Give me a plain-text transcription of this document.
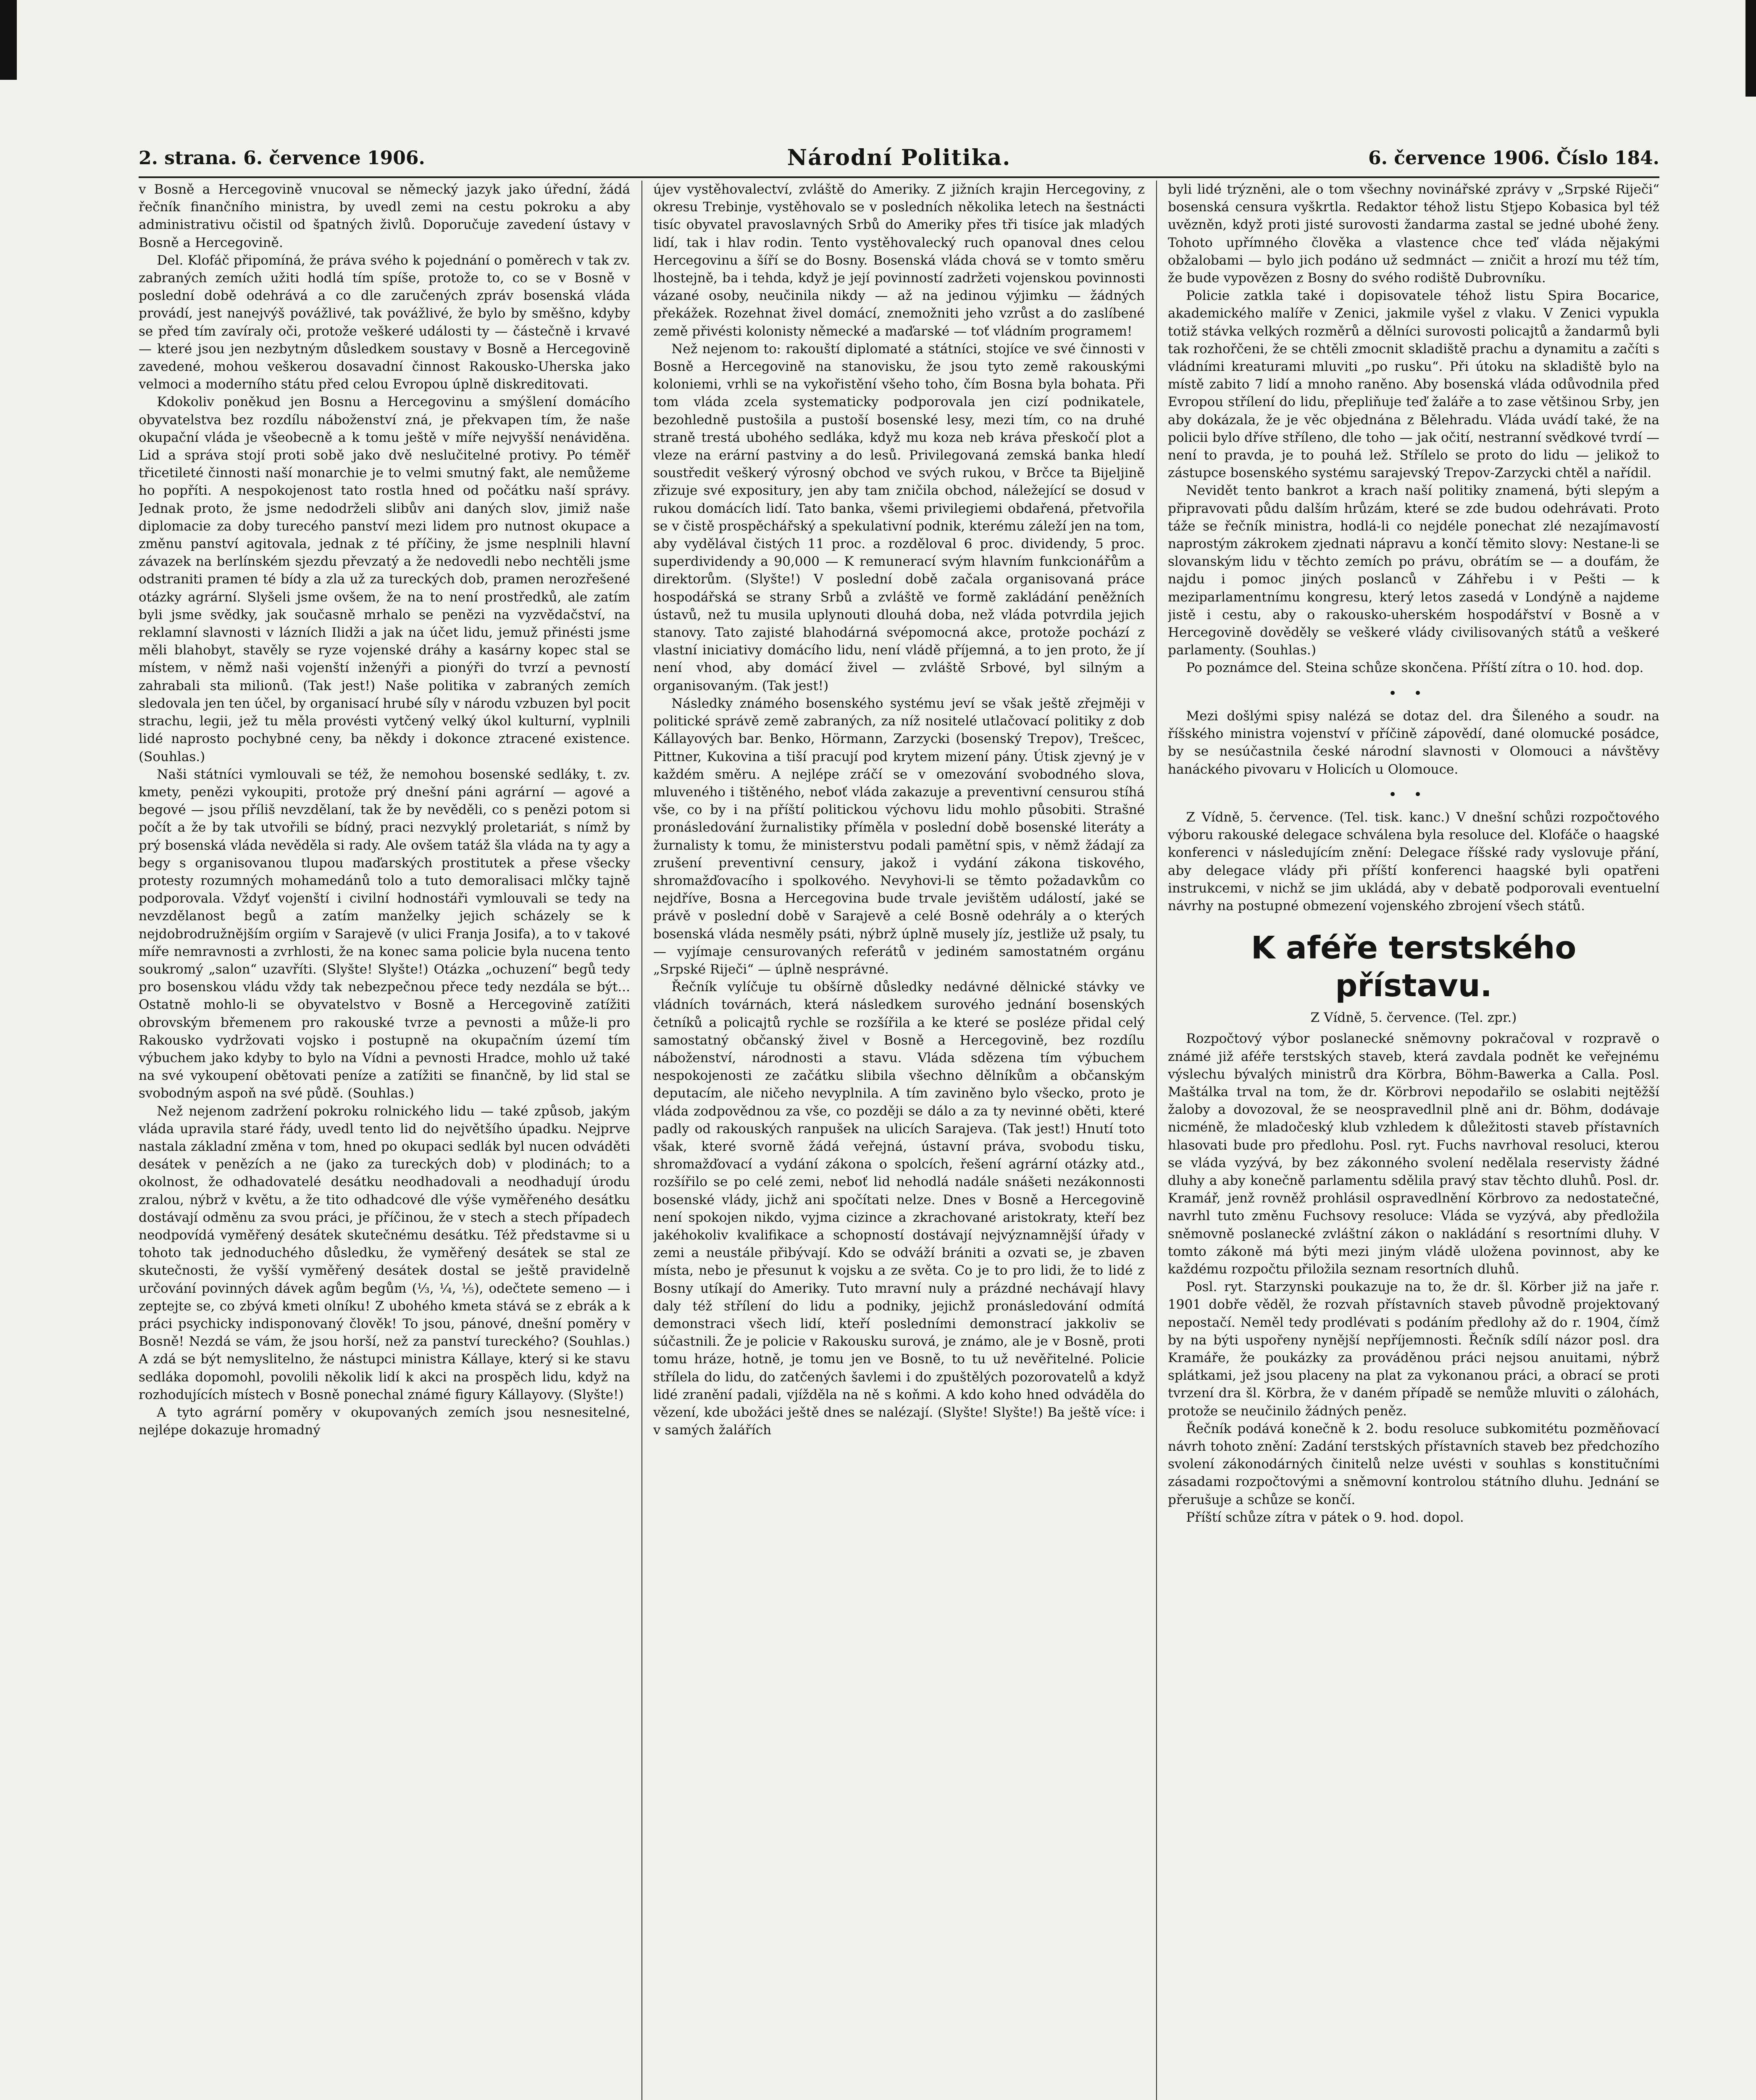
2. strana. 6. července 1906.	Národní Politika.	6. července 1906. Číslo 184.

v Bosně a Hercegovině vnucoval se německý jazyk jako úřední, žádá řečník finančního ministra, by uvedl zemi na cestu pokroku a aby administrativu očistil od špatných živlů. Doporučuje zavedení ústavy v Bosně a Hercegovině.

Del. Klofáč připomíná, že práva svého k pojednání o poměrech v tak zv. zabraných zemích užiti hodlá tím spíše, protože to, co se v Bosně v poslední době odehrává a co dle zaručených zpráv bosenská vláda provádí, jest nanejvýš povážlivé, tak povážlivé, že bylo by směšno, kdyby se před tím zavíraly oči, protože veškeré události ty — částečně i krvavé — které jsou jen nezbytným důsledkem soustavy v Bosně a Hercegovině zavedené, mohou veškerou dosavadní činnost Rakousko-Uherska jako velmoci a moderního státu před celou Evropou úplně diskreditovati.

Kdokoliv poněkud jen Bosnu a Hercegovinu a smýšlení domácího obyvatelstva bez rozdílu náboženství zná, je překvapen tím, že naše okupační vláda je všeobecně a k tomu ještě v míře nejvyšší nenáviděna. Lid a správa stojí proti sobě jako dvě neslučitelné protivy. Po téměř třicetileté činnosti naší monarchie je to velmi smutný fakt, ale nemůžeme ho popříti. A nespokojenost tato rostla hned od počátku naší správy. Jednak proto, že jsme nedodrželi slibův ani daných slov, jimiž naše diplomacie za doby turecého panství mezi lidem pro nutnost okupace a změnu panství agitovala, jednak z té příčiny, že jsme nesplnili hlavní závazek na berlínském sjezdu převzatý a že nedovedli nebo nechtěli jsme odstraniti pramen té bídy a zla už za tureckých dob, pramen nerozřešené otázky agrární. Slyšeli jsme ovšem, že na to není prostředků, ale zatím byli jsme svědky, jak současně mrhalo se penězi na vyzvědačství, na reklamní slavnosti v lázních Ilidži a jak na účet lidu, jemuž přinésti jsme měli blahobyt, stavěly se ryze vojenské dráhy a kasárny kopec stal se místem, v němž naši vojenští inženýři a pionýři do tvrzí a pevností zahrabali sta milionů. (Tak jest!) Naše politika v zabraných zemích sledovala jen ten účel, by organisací hrubé síly v národu vzbuzen byl pocit strachu, legii, jež tu měla provésti vytčený velký úkol kulturní, vyplnili lidé naprosto pochybné ceny, ba někdy i dokonce ztracené existence. (Souhlas.)

Naši státníci vymlouvali se též, že nemohou bosenské sedláky, t. zv. kmety, penězi vykoupiti, protože prý dnešní páni agrární — agové a begové — jsou příliš nevzdělaní, tak že by nevěděli, co s penězi potom si počít a že by tak utvořili se bídný, praci nezvyklý proletariát, s nímž by prý bosenská vláda nevěděla si rady. Ale ovšem tatáž šla vláda na ty agy a begy s organisovanou tlupou maďarských prostitutek a přese všecky protesty rozumných mohamedánů tolo a tuto demoralisaci mlčky tajně podporovala. Vždyť vojenští i civilní hodnostáři vymlouvali se tedy na nevzdělanost begů a zatím manželky jejich scházely se k nejdobrodružnějším orgiím v Sarajevě (v ulici Franja Josifa), a to v takové míře nemravnosti a zvrhlosti, že na konec sama policie byla nucena tento soukromý „salon“ uzavříti. (Slyšte! Slyšte!) Otázka „ochuzení“ begů tedy pro bosenskou vládu vždy tak nebezpečnou přece tedy nezdála se být... Ostatně mohlo-li se obyvatelstvo v Bosně a Hercegovině zatížiti obrovským břemenem pro rakouské tvrze a pevnosti a může-li pro Rakousko vydržovati vojsko i postupně na okupačním území tím výbuchem jako kdyby to bylo na Vídni a pevnosti Hradce, mohlo už také na své vykoupení obětovati peníze a zatížiti se finančně, by lid stal se svobodným aspoň na své půdě. (Souhlas.)

Než nejenom zadržení pokroku rolnického lidu — také způsob, jakým vláda upravila staré řády, uvedl tento lid do největšího úpadku. Nejprve nastala základní změna v tom, hned po okupaci sedlák byl nucen odváděti desátek v penězích a ne (jako za tureckých dob) v plodinách; to a okolnost, že odhadovatelé desátku neodhadovali a neodhadují úrodu zralou, nýbrž v květu, a že tito odhadcové dle výše vyměřeného desátku dostávají odměnu za svou práci, je příčinou, že v stech a stech případech neodpovídá vyměřený desátek skutečnému desátku. Též představme si u tohoto tak jednoduchého důsledku, že vyměřený desátek se stal ze skutečnosti, že vyšší vyměřený desátek dostal se ještě pravidelně určování povinných dávek agům begům (⅓, ¼, ⅕), odečtete semeno — i zeptejte se, co zbývá kmeti olníku! Z ubohého kmeta stává se z ebrák a k práci psychicky indisponovaný člověk! To jsou, pánové, dnešní poměry v Bosně! Nezdá se vám, že jsou horší, než za panství tureckého? (Souhlas.) A zdá se být nemyslitelno, že nástupci ministra Kállaye, který si ke stavu sedláka dopomohl, povolili několik lidí k akci na prospěch lidu, když na rozhodujících místech v Bosně ponechal známé figury Kállayovy. (Slyšte!)

A tyto agrární poměry v okupovaných zemích jsou nesnesitelné, nejlépe dokazuje hromadný

újev vystěhovalectví, zvláště do Ameriky. Z jižních krajin Hercegoviny, z okresu Trebinje, vystěhovalo se v posledních několika letech na šestnácti tisíc obyvatel pravoslavných Srbů do Ameriky přes tři tisíce jak mladých lidí, tak i hlav rodin. Tento vystěhovalecký ruch opanoval dnes celou Hercegovinu a šíří se do Bosny. Bosenská vláda chová se v tomto směru lhostejně, ba i tehda, když je její povinností zadržeti vojenskou povinnosti vázané osoby, neučinila nikdy — až na jedinou výjimku — žádných překážek. Rozehnat živel domácí, znemožniti jeho vzrůst a do zaslíbené země přivésti kolonisty německé a maďarské — toť vládním programem!

Než nejenom to: rakouští diplomaté a státníci, stojíce ve své činnosti v Bosně a Hercegovině na stanovisku, že jsou tyto země rakouskými koloniemi, vrhli se na vykořistění všeho toho, čím Bosna byla bohata. Při tom vláda zcela systematicky podporovala jen cizí podnikatele, bezohledně pustošila a pustoší bosenské lesy, mezi tím, co na druhé straně trestá ubohého sedláka, když mu koza neb kráva přeskočí plot a vleze na erární pastviny a do lesů. Privilegovaná zemská banka hledí soustředit veškerý výrosný obchod ve svých rukou, v Brčce ta Bijeljině zřizuje své expositury, jen aby tam zničila obchod, náležející se dosud v rukou domácích lidí. Tato banka, všemi privilegiemi obdařená, přetvořila se v čistě prospěchářský a spekulativní podnik, kterému záleží jen na tom, aby vydělával čistých 11 proc. a rozděloval 6 proc. dividendy, 5 proc. superdividendy a 90,000 — K remunerací svým hlavním funkcionářům a direktorům. (Slyšte!) V poslední době začala organisovaná práce hospodářská se strany Srbů a zvláště ve formě zakládání peněžních ústavů, než tu musila uplynouti dlouhá doba, než vláda potvrdila jejich stanovy. Tato zajisté blahodárná svépomocná akce, protože pochází z vlastní iniciativy domácího lidu, není vládě příjemná, a to jen proto, že jí není vhod, aby domácí živel — zvláště Srbové, byl silným a organisovaným. (Tak jest!)

Následky známého bosenského systému jeví se však ještě zřejměji v politické správě země zabraných, za níž nositelé utlačovací politiky z dob Kállayových bar. Benko, Hörmann, Zarzycki (bosenský Trepov), Trešcec, Pittner, Kukovina a tiší pracují pod krytem mizení pány. Útisk zjevný je v každém směru. A nejlépe zráčí se v omezování svobodného slova, mluveného i tištěného, neboť vláda zakazuje a preventivní censurou stíhá vše, co by i na příští politickou výchovu lidu mohlo působiti. Strašné pronásledování žurnalistiky příměla v poslední době bosenské literáty a žurnalisty k tomu, že ministerstvu podali pamětní spis, v němž žádají za zrušení preventivní censury, jakož i vydání zákona tiskového, shromažďovacího i spolkového. Nevyhovi-li se těmto požadavkům co nejdříve, Bosna a Hercegovina bude trvale jevištěm událostí, jaké se právě v poslední době v Sarajevě a celé Bosně odehrály a o kterých bosenská vláda nesměly psáti, nýbrž úplně musely jíz, jestliže už psaly, tu — vyjímaje censurovaných referátů v jediném samostatném orgánu „Srpské Riječi“ — úplně nesprávné.

Řečník vylíčuje tu obšírně důsledky nedávné dělnické stávky ve vládních továrnách, která následkem surového jednání bosenských četníků a policajtů rychle se rozšířila a ke které se posléze přidal celý samostatný občanský živel v Bosně a Hercegovině, bez rozdílu náboženství, národnosti a stavu. Vláda sdězena tím výbuchem nespokojenosti ze začátku slibila všechno dělníkům a občanským deputacím, ale ničeho nevyplnila. A tím zaviněno bylo všecko, proto je vláda zodpovědnou za vše, co později se dálo a za ty nevinné oběti, které padly od rakouských ranpušek na ulicích Sarajeva. (Tak jest!) Hnutí toto však, které svorně žádá veřejná, ústavní práva, svobodu tisku, shromažďovací a vydání zákona o spolcích, řešení agrární otázky atd., rozšířilo se po celé zemi, neboť lid nehodlá nadále snášeti nezákonnosti bosenské vlády, jichž ani spočítati nelze. Dnes v Bosně a Hercegovině není spokojen nikdo, vyjma cizince a zkrachované aristokraty, kteří bez jakéhokoliv kvalifikace a schopností dostávají nejvýznamnější úřady v zemi a neustále přibývají. Kdo se odváží brániti a ozvati se, je zbaven místa, nebo je přesunut k vojsku a ze světa. Co je to pro lidi, že to lidé z Bosny utíkají do Ameriky. Tuto mravní nuly a prázdné nechávají hlavy daly též střílení do lidu a podniky, jejichž pronásledování odmítá demonstraci všech lidí, kteří posledními demonstrací jakkoliv se súčastnili. Že je policie v Rakousku surová, je známo, ale je v Bosně, proti tomu hráze, hotně, je tomu jen ve Bosně, to tu už nevěřitelné. Policie střílela do lidu, do zatčených šavlemi i do zpuštělých pozorovatelů a když lidé zranění padali, vjížděla na ně s koňmi. A kdo koho hned odváděla do vězení, kde ubožáci ještě dnes se nalézají. (Slyšte! Slyšte!) Ba ještě více: i v samých žalářích

byli lidé trýzněni, ale o tom všechny novinářské zprávy v „Srpské Riječi“ bosenská censura vyškrtla. Redaktor téhož listu Stjepo Kobasica byl též uvězněn, když proti jisté surovosti žandarma zastal se jedné ubohé ženy. Tohoto upřímného člověka a vlastence chce teď vláda nějakými obžalobami — bylo jich podáno už sedmnáct — zničit a hrozí mu též tím, že bude vypovězen z Bosny do svého rodiště Dubrovníku.

Policie zatkla také i dopisovatele téhož listu Spira Bocarice, akademického malíře v Zenici, jakmile vyšel z vlaku. V Zenici vypukla totiž stávka velkých rozměrů a dělníci surovosti policajtů a žandarmů byli tak rozhořčeni, že se chtěli zmocnit skladiště prachu a dynamitu a začíti s vládními kreaturami mluviti „po rusku“. Při útoku na skladiště bylo na místě zabito 7 lidí a mnoho raněno. Aby bosenská vláda odůvodnila před Evropou střílení do lidu, přepliňuje teď žaláře a to zase většinou Srby, jen aby dokázala, že je věc objednána z Bělehradu. Vláda uvádí také, že na policii bylo dříve stříleno, dle toho — jak očití, nestranní svědkové tvrdí — není to pravda, je to pouhá lež. Střílelo se proto do lidu — jelikož to zástupce bosenského systému sarajevský Trepov-Zarzycki chtěl a nařídil.

Nevidět tento bankrot a krach naší politiky znamená, býti slepým a připravovati půdu dalším hrůzám, které se zde budou odehrávati. Proto táže se řečník ministra, hodlá-li co nejdéle ponechat zlé nezajímavostí naprostým zákrokem zjednati nápravu a končí těmito slovy: Nestane-li se slovanským lidu v těchto zemích po právu, obrátím se — a doufám, že najdu i pomoc jiných poslanců v Záhřebu i v Pešti — k meziparlamentnímu kongresu, který letos zasedá v Londýně a najdeme jistě i cestu, aby o rakousko-uherském hospodářství v Bosně a v Hercegovině dověděly se veškeré vlády civilisovaných států a veškeré parlamenty. (Souhlas.)

Po poznámce del. Steina schůze skončena. Příští zítra o 10. hod. dop.

••

Mezi došlými spisy nalézá se dotaz del. dra Šileného a soudr. na říšského ministra vojenství v příčině zápovědí, dané olomucké posádce, by se nesúčastnila české národní slavnosti v Olomouci a návštěvy hanáckého pivovaru v Holicích u Olomouce.

••

Z Vídně, 5. července. (Tel. tisk. kanc.) V dnešní schůzi rozpočtového výboru rakouské delegace schválena byla resoluce del. Klofáče o haagské konferenci v následujícím znění: Delegace říšské rady vyslovuje přání, aby delegace vlády při příští konferenci haagské byli opatřeni instrukcemi, v nichž se jim ukládá, aby v debatě podporovali eventuelní návrhy na postupné obmezení vojenského zbrojení všech států.

K aféře terstského přístavu.
Z Vídně, 5. července. (Tel. zpr.)

Rozpočtový výbor poslanecké sněmovny pokračoval v rozpravě o známé již aféře terstských staveb, která zavdala podnět ke veřejnému výslechu bývalých ministrů dra Körbra, Böhm-Bawerka a Calla. Posl. Maštálka trval na tom, že dr. Körbrovi nepodařilo se oslabiti nejtěžší žaloby a dovozoval, že se neospravedlnil plně ani dr. Böhm, dodávaje nicméně, že mladočeský klub vzhledem k důležitosti staveb přístavních hlasovati bude pro předlohu. Posl. ryt. Fuchs navrhoval resoluci, kterou se vláda vyzývá, by bez zákonného svolení nedělala reservisty žádné dluhy a aby konečně parlamentu sdělila pravý stav těchto dluhů. Posl. dr. Kramář, jenž rovněž prohlásil ospravedlnění Körbrovo za nedostatečné, navrhl tuto změnu Fuchsovy resoluce: Vláda se vyzývá, aby předložila sněmovně poslanecké zvláštní zákon o nakládání s resortními dluhy. V tomto zákoně má býti mezi jiným vládě uložena povinnost, aby ke každému rozpočtu přiložila seznam resortních dluhů.

Posl. ryt. Starzynski poukazuje na to, že dr. šl. Körber již na jaře r. 1901 dobře věděl, že rozvah přístavních staveb původně projektovaný nepostačí. Neměl tedy prodlévati s podáním předlohy až do r. 1904, čímž by na býti uspořeny nynější nepříjemnosti. Řečník sdílí názor posl. dra Kramáře, že poukázky za prováděnou práci nejsou anuitami, nýbrž splátkami, jež jsou placeny na plat za vykonanou práci, a obrací se proti tvrzení dra šl. Körbra, že v daném případě se nemůže mluviti o zálohách, protože se neučinilo žádných peněz.

Řečník podává konečně k 2. bodu resoluce subkomitétu pozměňovací návrh tohoto znění: Zadání terstských přístavních staveb bez předchozího svolení zákonodárných činitelů nelze uvésti v souhlas s konstitučními zásadami rozpočtovými a sněmovní kontrolou státního dluhu. Jednání se přerušuje a schůze se končí.

Příští schůze zítra v pátek o 9. hod. dopol.
